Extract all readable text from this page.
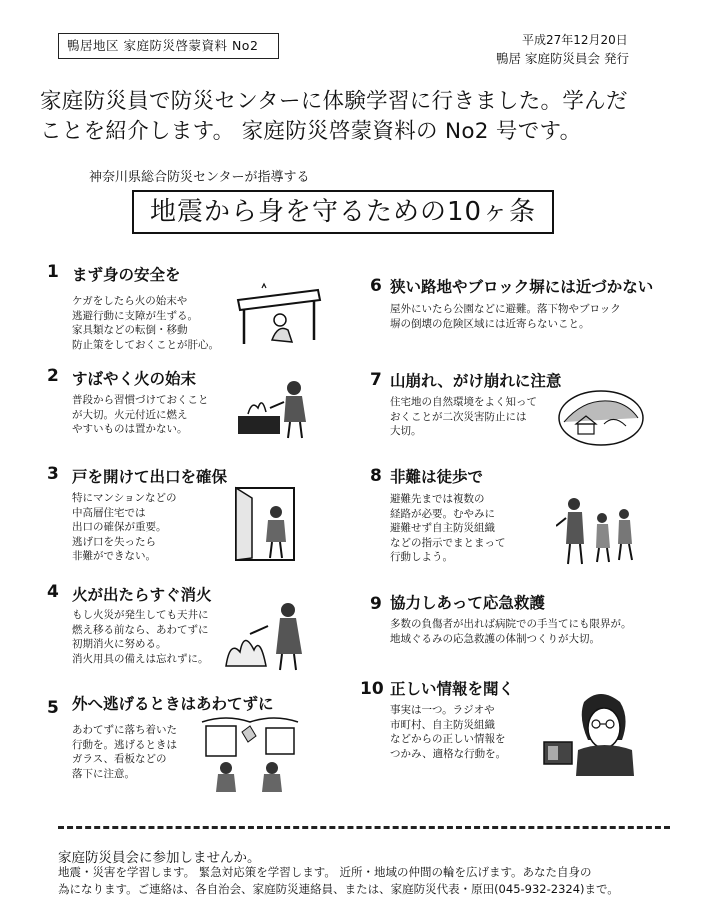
鴨居地区 家庭防災啓蒙資料 No2	平成27年12月20日
鴨居 家庭防災員会 発行
家庭防災員で防災センターに体験学習に行きました。学んだ
ことを紹介します。 家庭防災啓蒙資料の No2 号です。
神奈川県総合防災センターが指導する
地震から身を守るための10ヶ条
1 まず身の安全を
ケガをしたら火の始末や
逃避行動に支障が生ずる。
家具類などの転倒・移動
防止策をしておくことが肝心。
2 すばやく火の始末
普段から習慣づけておくこと
が大切。火元付近に燃え
やすいものは置かない。
3 戸を開けて出口を確保
特にマンションなどの
中高層住宅では
出口の確保が重要。
逃げ口を失ったら
非難ができない。
4 火が出たらすぐ消火
もし火災が発生しても天井に
燃え移る前なら、あわてずに
初期消火に努める。
消火用具の備えは忘れずに。
5 外へ逃げるときはあわてずに
あわてずに落ち着いた
行動を。逃げるときは
ガラス、看板などの
落下に注意。
6 狭い路地やブロック塀には近づかない
屋外にいたら公園などに避難。落下物やブロック
塀の倒壊の危険区域には近寄らないこと。
7 山崩れ、がけ崩れに注意
住宅地の自然環境をよく知って
おくことが二次災害防止には
大切。
8 非難は徒歩で
避難先までは複数の
経路が必要。むやみに
避難せず自主防災組織
などの指示でまとまって
行動しよう。
9 協力しあって応急救護
多数の負傷者が出れば病院での手当てにも限界が。
地域ぐるみの応急救護の体制つくりが大切。
10 正しい情報を聞く
事実は一つ。ラジオや
市町村、自主防災組織
などからの正しい情報を
つかみ、適格な行動を。
家庭防災員会に参加しませんか。
地震・災害を学習します。 緊急対応策を学習します。 近所・地域の仲間の輪を広げます。あなた自身の
為になります。ご連絡は、各自治会、家庭防災連絡員、または、家庭防災代表・原田(045-932-2324)まで。
